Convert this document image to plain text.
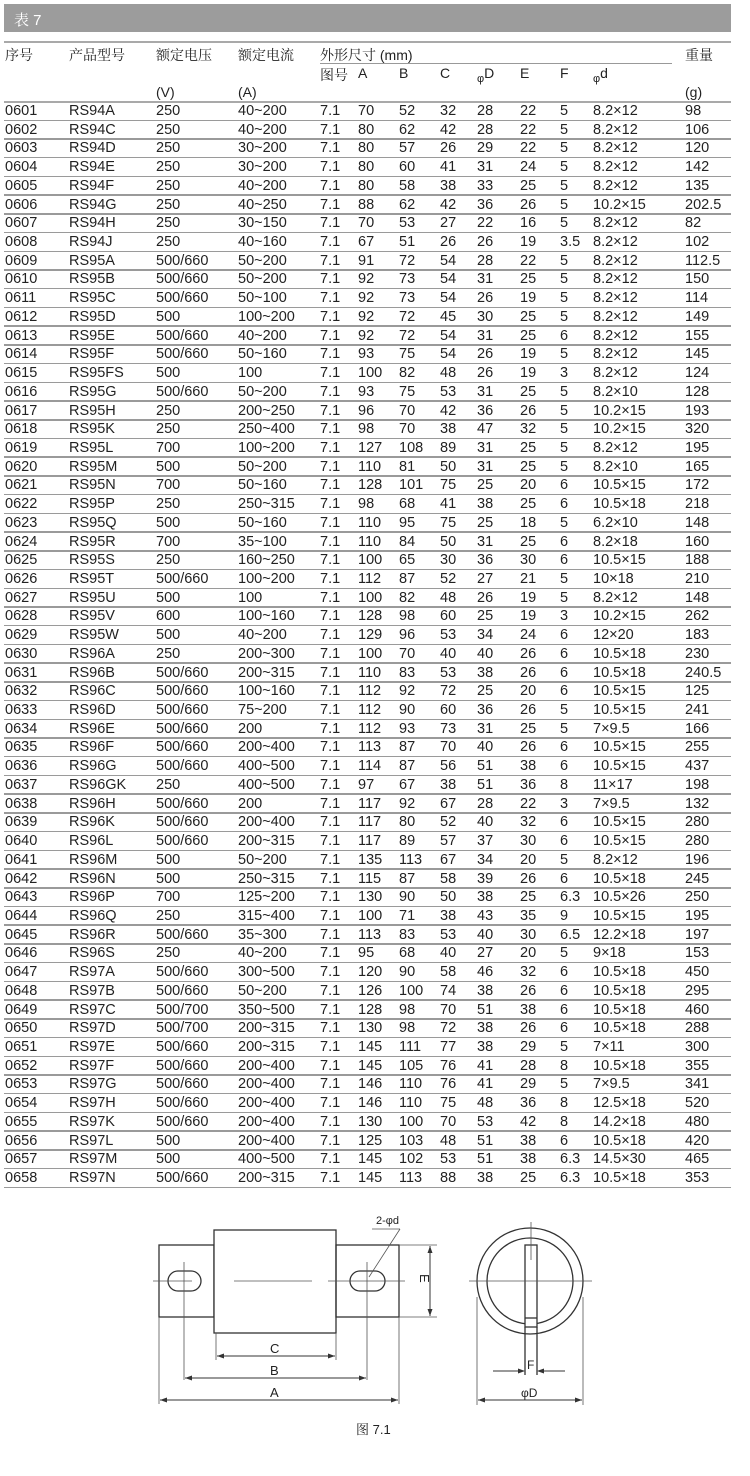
表 7
序号	产品型号 额定电压 额定电流 外形尺寸 (mm)	重量
图号 A B C $_\varphi$D E F $_\varphi$d
(V)	(A)	(g)
0601 RS94A	250	40~200 7.1 70 52 32 28 22 5 8.2×12	98
0602 RS94C	250	40~200 7.1 80 62 42 28 22 5 8.2×12	106
0603 RS94D	250	30~200 7.1 80 57 26 29 22 5 8.2×12	120
0604 RS94E	250	30~200 7.1 80 60 41 31 24 5 8.2×12	142
0605 RS94F	250	40~200 7.1 80 58 38 33 25 5 8.2×12	135
0606 RS94G	250	40~250 7.1 88 62 42 36 26 5 10.2×15	202.5
0607 RS94H	250	30~150 7.1 70 53 27 22 16 5 8.2×12	82
0608 RS94J	250	40~160 7.1 67 51 26 26 19 3.5 8.2×12	102
0609 RS95A	500/660 50~200 7.1 91 72 54 28 22 5 8.2×12	112.5
0610 RS95B	500/660 50~200 7.1 92 73 54 31 25 5 8.2×12	150
0611 RS95C	500/660 50~100 7.1 92 73 54 26 19 5 8.2×12	114
0612 RS95D	500	100~200 7.1 92 72 45 30 25 5 8.2×12	149
0613 RS95E	500/660 40~200 7.1 92 72 54 31 25 6 8.2×12	155
0614 RS95F	500/660 50~160 7.1 93 75 54 26 19 5 8.2×12	145
0615 RS95FS 500	100	7.1 100 82 48 26 19 3 8.2×12	124
0616 RS95G	500/660 50~200 7.1 93 75 53 31 25 5 8.2×10	128
0617 RS95H	250	200~250 7.1 96 70 42 36 26 5 10.2×15	193
0618 RS95K	250	250~400 7.1 98 70 38 47 32 5 10.2×15	320
0619 RS95L	700	100~200 7.1 127 108 89 31 25 5 8.2×12	195
0620 RS95M	500	50~200 7.1 110 81 50 31 25 5 8.2×10	165
0621 RS95N	700	50~160 7.1 128 101 75 25 20 6 10.5×15	172
0622 RS95P	250	250~315 7.1 98 68 41 38 25 6 10.5×18	218
0623 RS95Q	500	50~160 7.1 110 95 75 25 18 5 6.2×10	148
0624 RS95R	700	35~100 7.1 110 84 50 31 25 6 8.2×18	160
0625 RS95S	250	160~250 7.1 100 65 30 36 30 6 10.5×15	188
0626 RS95T	500/660 100~200 7.1 112 87 52 27 21 5 10×18	210
0627 RS95U	500	100	7.1 100 82 48 26 19 5 8.2×12	148
0628 RS95V	600	100~160 7.1 128 98 60 25 19 3 10.2×15	262
0629 RS95W	500	40~200 7.1 129 96 53 34 24 6 12×20	183
0630 RS96A	250	200~300 7.1 100 70 40 40 26 6 10.5×18	230
0631 RS96B	500/660 200~315 7.1 110 83 53 38 26 6 10.5×18	240.5
0632 RS96C	500/660 100~160 7.1 112 92 72 25 20 6 10.5×15	125
0633 RS96D	500/660 75~200 7.1 112 90 60 36 26 5 10.5×15	241
0634 RS96E	500/660 200	7.1 112 93 73 31 25 5 7×9.5	166
0635 RS96F	500/660 200~400 7.1 113 87 70 40 26 6 10.5×15	255
0636 RS96G	500/660 400~500 7.1 114 87 56 51 38 6 10.5×15	437
0637 RS96GK 250	400~500 7.1 97 67 38 51 36 8 11×17	198
0638 RS96H	500/660 200	7.1 117 92 67 28 22 3 7×9.5	132
0639 RS96K	500/660 200~400 7.1 117 80 52 40 32 6 10.5×15	280
0640 RS96L	500/660 200~315 7.1 117 89 57 37 30 6 10.5×15	280
0641 RS96M	500	50~200 7.1 135 113 67 34 20 5 8.2×12	196
0642 RS96N	500	250~315 7.1 115 87 58 39 26 6 10.5×18	245
0643 RS96P	700	125~200 7.1 130 90 50 38 25 6.3 10.5×26	250
0644 RS96Q	250	315~400 7.1 100 71 38 43 35 9 10.5×15	195
0645 RS96R	500/660 35~300 7.1 113 83 53 40 30 6.5 12.2×18	197
0646 RS96S	250	40~200 7.1 95 68 40 27 20 5 9×18	153
0647 RS97A	500/660 300~500 7.1 120 90 58 46 32 6 10.5×18	450
0648 RS97B	500/660 50~200 7.1 126 100 74 38 26 6 10.5×18	295
0649 RS97C	500/700 350~500 7.1 128 98 70 51 38 6 10.5×18	460
0650 RS97D	500/700 200~315 7.1 130 98 72 38 26 6 10.5×18	288
0651 RS97E	500/660 200~315 7.1 145 111 77 38 29 5 7×11	300
0652 RS97F	500/660 200~400 7.1 145 105 76 41 28 8 10.5×18	355
0653 RS97G	500/660 200~400 7.1 146 110 76 41 29 5 7×9.5	341
0654 RS97H	500/660 200~400 7.1 146 110 75 48 36 8 12.5×18	520
0655 RS97K	500/660 200~400 7.1 130 100 70 53 42 8 14.2×18	480
0656 RS97L	500	200~400 7.1 125 103 48 51 38 6 10.5×18	420
0657 RS97M	500	400~500 7.1 145 102 53 51 38 6.3 14.5×30	465
0658 RS97N	500/660 200~315 7.1 145 113 88 38 25 6.3 10.5×18	353
C
B
A
E
2-φd
F
φD
图 7.1
